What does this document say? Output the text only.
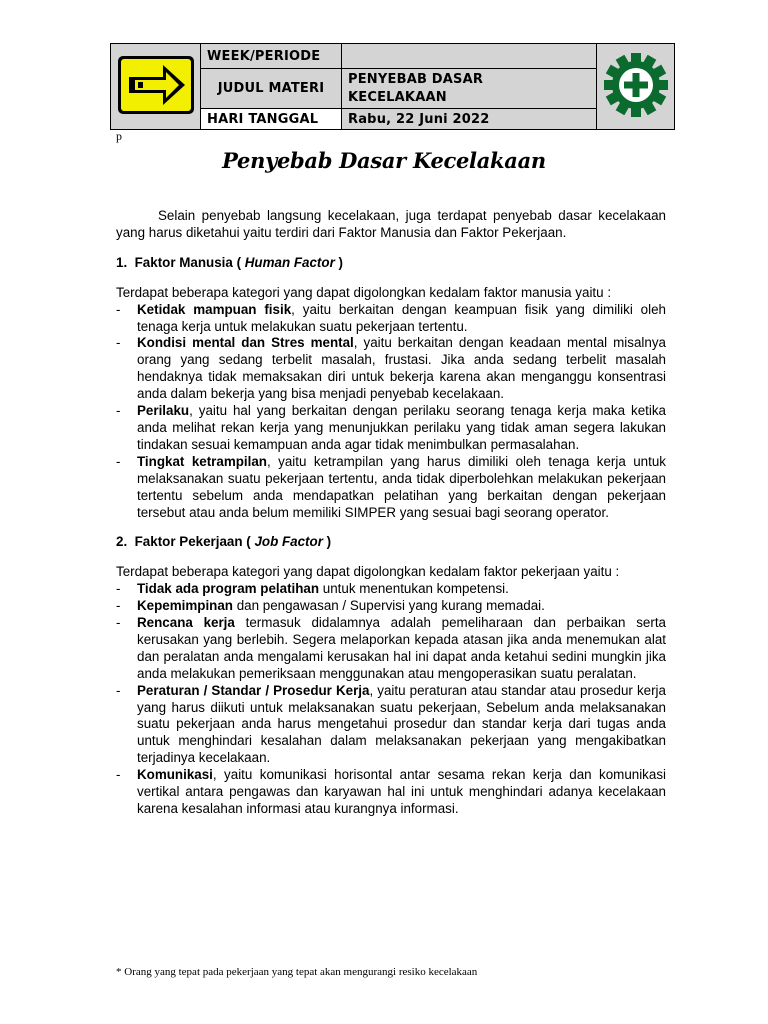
	WEEK/PERIODE		
	JUDUL MATERI	PENYEBAB DASAR
KECELAKAAN	

	HARI TANGGAL	Rabu, 22 Juni 2022	
p
Penyebab Dasar Kecelakaan

Selain penyebab langsung kecelakaan, juga terdapat penyebab dasar kecelakaan yang harus diketahui yaitu terdiri dari Faktor Manusia dan Faktor Pekerjaan.

1. Faktor Manusia ( Human Factor )

Terdapat beberapa kategori yang dapat digolongkan kedalam faktor manusia yaitu :

- Ketidak mampuan fisik, yaitu berkaitan dengan keampuan fisik yang dimiliki oleh tenaga kerja untuk melakukan suatu pekerjaan tertentu.
- Kondisi mental dan Stres mental, yaitu berkaitan dengan keadaan mental misalnya orang yang sedang terbelit masalah, frustasi. Jika anda sedang terbelit masalah hendaknya tidak memaksakan diri untuk bekerja karena akan menganggu konsentrasi anda dalam bekerja yang bisa menjadi penyebab kecelakaan.
- Perilaku, yaitu hal yang berkaitan dengan perilaku seorang tenaga kerja maka ketika anda melihat rekan kerja yang menunjukkan perilaku yang tidak aman segera lakukan tindakan sesuai kemampuan anda agar tidak menimbulkan permasalahan.
- Tingkat ketrampilan, yaitu ketrampilan yang harus dimiliki oleh tenaga kerja untuk melaksanakan suatu pekerjaan tertentu, anda tidak diperbolehkan melakukan pekerjaan tertentu sebelum anda mendapatkan pelatihan yang berkaitan dengan pekerjaan tersebut atau anda belum memiliki SIMPER yang sesuai bagi seorang operator.

2. Faktor Pekerjaan ( Job Factor )

Terdapat beberapa kategori yang dapat digolongkan kedalam faktor pekerjaan yaitu :

- Tidak ada program pelatihan untuk menentukan kompetensi.
- Kepemimpinan dan pengawasan / Supervisi yang kurang memadai.
- Rencana kerja termasuk didalamnya adalah pemeliharaan dan perbaikan serta kerusakan yang berlebih. Segera melaporkan kepada atasan jika anda menemukan alat dan peralatan anda mengalami kerusakan hal ini dapat anda ketahui sedini mungkin jika anda melakukan pemeriksaan menggunakan atau mengoperasikan suatu peralatan.
- Peraturan / Standar / Prosedur Kerja, yaitu peraturan atau standar atau prosedur kerja yang harus diikuti untuk melaksanakan suatu pekerjaan, Sebelum anda melaksanakan suatu pekerjaan anda harus mengetahui prosedur dan standar kerja dari tugas anda untuk menghindari kesalahan dalam melaksanakan pekerjaan yang mengakibatkan terjadinya kecelakaan.
- Komunikasi, yaitu komunikasi horisontal antar sesama rekan kerja dan komunikasi vertikal antara pengawas dan karyawan hal ini untuk menghindari adanya kecelakaan karena kesalahan informasi atau kurangnya informasi.
* Orang yang tepat pada pekerjaan yang tepat akan mengurangi resiko kecelakaan
